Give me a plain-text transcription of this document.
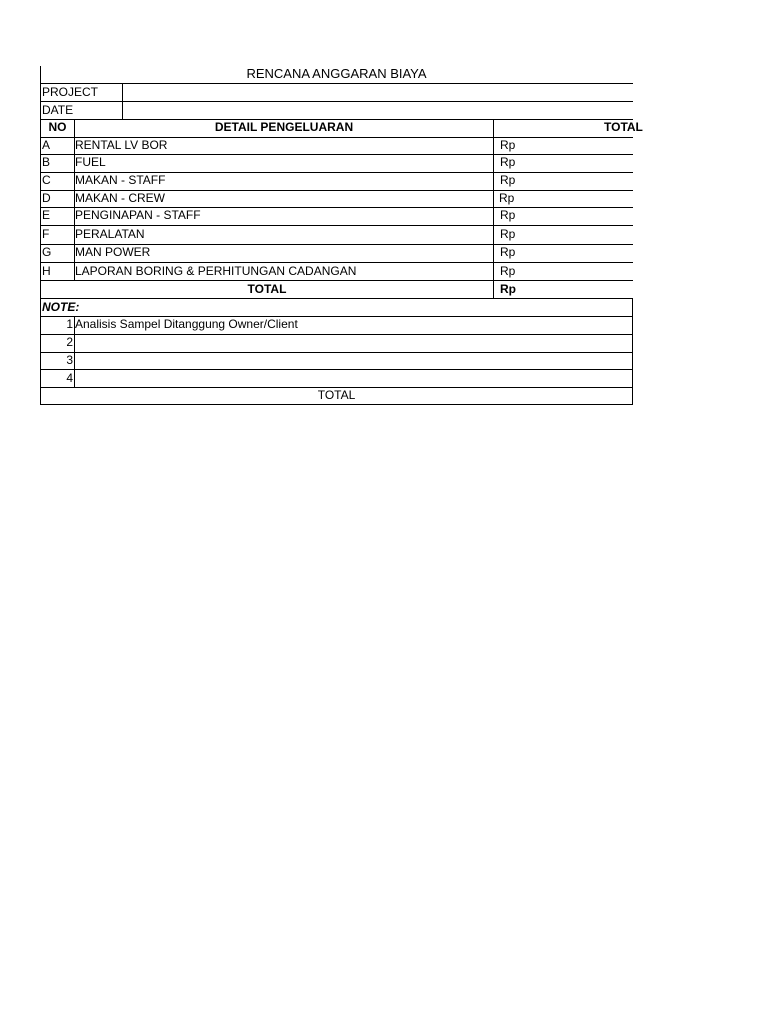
RENCANA ANGGARAN BIAYA
PROJECT
DATE
NO	DETAIL PENGELUARAN	TOTAL
A	RENTAL LV BOR	Rp
B	FUEL	Rp
C	MAKAN - STAFF	Rp
D	MAKAN - CREW	Rp
E	PENGINAPAN - STAFF	Rp
F	PERALATAN	Rp
G	MAN POWER	Rp
H	LAPORAN BORING & PERHITUNGAN CADANGAN	Rp
TOTAL	Rp
NOTE:
1 Analisis Sampel Ditanggung Owner/Client
2
3
4
TOTAL
